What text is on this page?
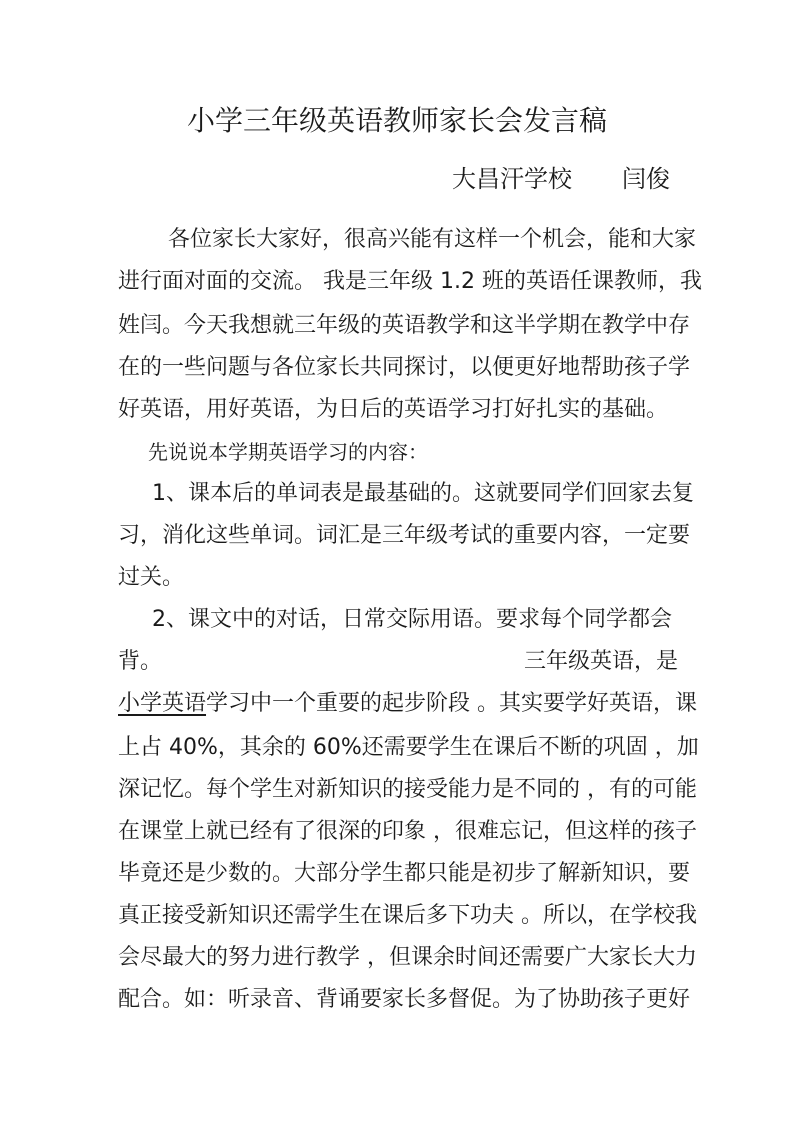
小学三年级英语教师家长会发言稿
大昌汗学校 闫俊
各位家长大家好，很高兴能有这样一个机会，能和大家
进行面对面的交流。 我是三年级 1.2 班的英语任课教师，我
姓闫。今天我想就三年级的英语教学和这半学期在教学中存
在的一些问题与各位家长共同探讨，以便更好地帮助孩子学
好英语，用好英语，为日后的英语学习打好扎实的基础。
先说说本学期英语学习的内容：
1、课本后的单词表是最基础的。这就要同学们回家去复
习，消化这些单词。词汇是三年级考试的重要内容，一定要
过关。
2、课文中的对话，日常交际用语。要求每个同学都会
背。	三年级英语，是
小学英语学习中一个重要的起步阶段 。其实要学好英语，课
上占 40%，其余的 60%还需要学生在课后不断的巩固 ，加
深记忆。每个学生对新知识的接受能力是不同的 ，有的可能
在课堂上就已经有了很深的印象 ，很难忘记，但这样的孩子
毕竟还是少数的。大部分学生都只能是初步了解新知识，要
真正接受新知识还需学生在课后多下功夫 。所以，在学校我
会尽最大的努力进行教学 ，但课余时间还需要广大家长大力
配合。如：听录音、背诵要家长多督促。为了协助孩子更好
